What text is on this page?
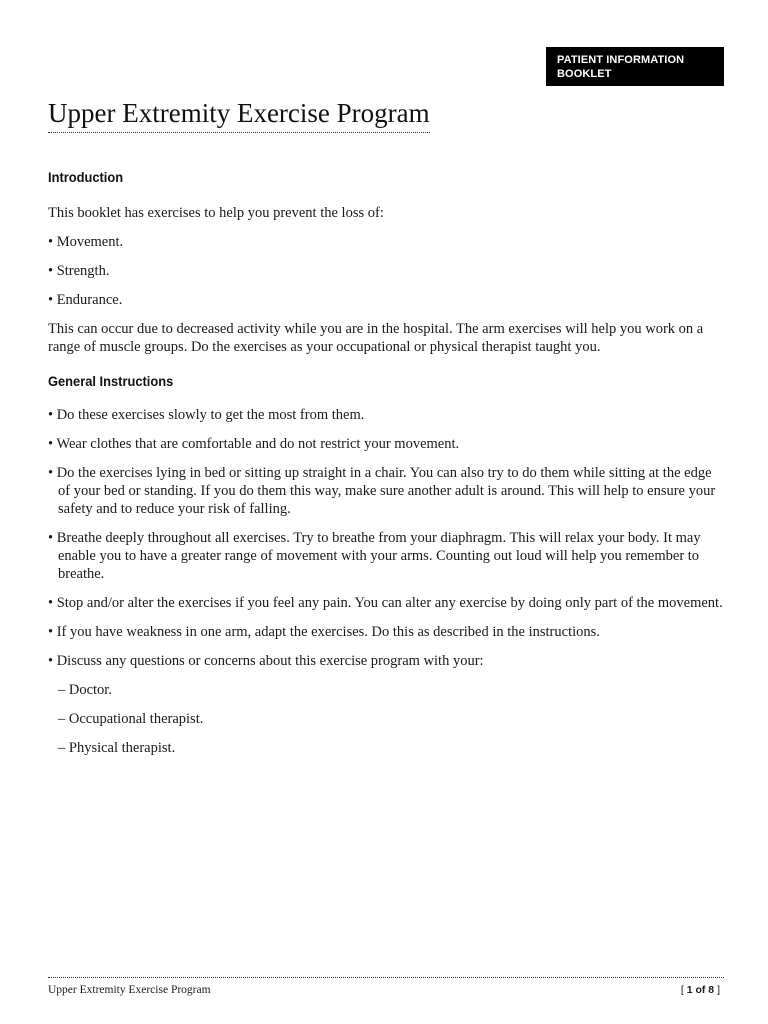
PATIENT INFORMATION
BOOKLET
Upper Extremity Exercise Program
Introduction

This booklet has exercises to help you prevent the loss of:

• Movement.

• Strength.

• Endurance.

This can occur due to decreased activity while you are in the hospital. The arm exercises will help you work on a range of muscle groups. Do the exercises as your occupational or physical therapist taught you.

General Instructions

• Do these exercises slowly to get the most from them.

• Wear clothes that are comfortable and do not restrict your movement.

• Do the exercises lying in bed or sitting up straight in a chair. You can also try to do them while sitting at the edge of your bed or standing. If you do them this way, make sure another adult is around. This will help to ensure your safety and to reduce your risk of falling.

• Breathe deeply throughout all exercises. Try to breathe from your diaphragm. This will relax your body. It may enable you to have a greater range of movement with your arms. Counting out loud will help you remember to breathe.

• Stop and/or alter the exercises if you feel any pain. You can alter any exercise by doing only part of the movement.

• If you have weakness in one arm, adapt the exercises. Do this as described in the instructions.

• Discuss any questions or concerns about this exercise program with your:

– Doctor.

– Occupational therapist.

– Physical therapist.

Upper Extremity Exercise Program	[ 1 of 8 ]
